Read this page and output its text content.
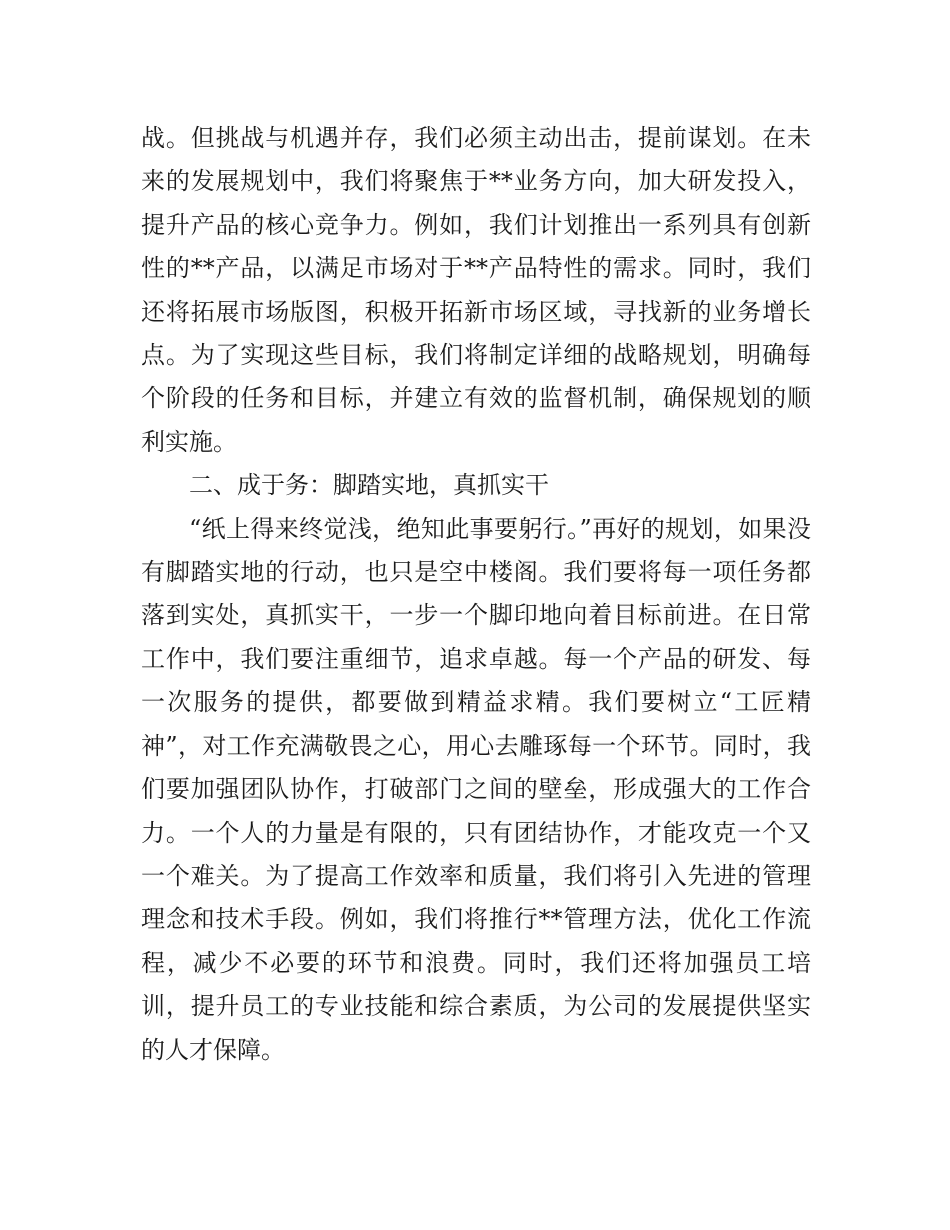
战。但挑战与机遇并存，我们必须主动出击，提前谋划。在未来的发展规划中，我们将聚焦于**业务方向，加大研发投入，提升产品的核心竞争力。例如，我们计划推出一系列具有创新性的**产品，以满足市场对于**产品特性的需求。同时，我们还将拓展市场版图，积极开拓新市场区域，寻找新的业务增长点。为了实现这些目标，我们将制定详细的战略规划，明确每个阶段的任务和目标，并建立有效的监督机制，确保规划的顺利实施。

二、成于务：脚踏实地，真抓实干

“纸上得来终觉浅，绝知此事要躬行。”再好的规划，如果没有脚踏实地的行动，也只是空中楼阁。我们要将每一项任务都落到实处，真抓实干，一步一个脚印地向着目标前进。在日常工作中，我们要注重细节，追求卓越。每一个产品的研发、每一次服务的提供，都要做到精益求精。我们要树立“工匠精神”，对工作充满敬畏之心，用心去雕琢每一个环节。同时，我们要加强团队协作，打破部门之间的壁垒，形成强大的工作合力。一个人的力量是有限的，只有团结协作，才能攻克一个又一个难关。为了提高工作效率和质量，我们将引入先进的管理理念和技术手段。例如，我们将推行**管理方法，优化工作流程，减少不必要的环节和浪费。同时，我们还将加强员工培训，提升员工的专业技能和综合素质，为公司的发展提供坚实的人才保障。
